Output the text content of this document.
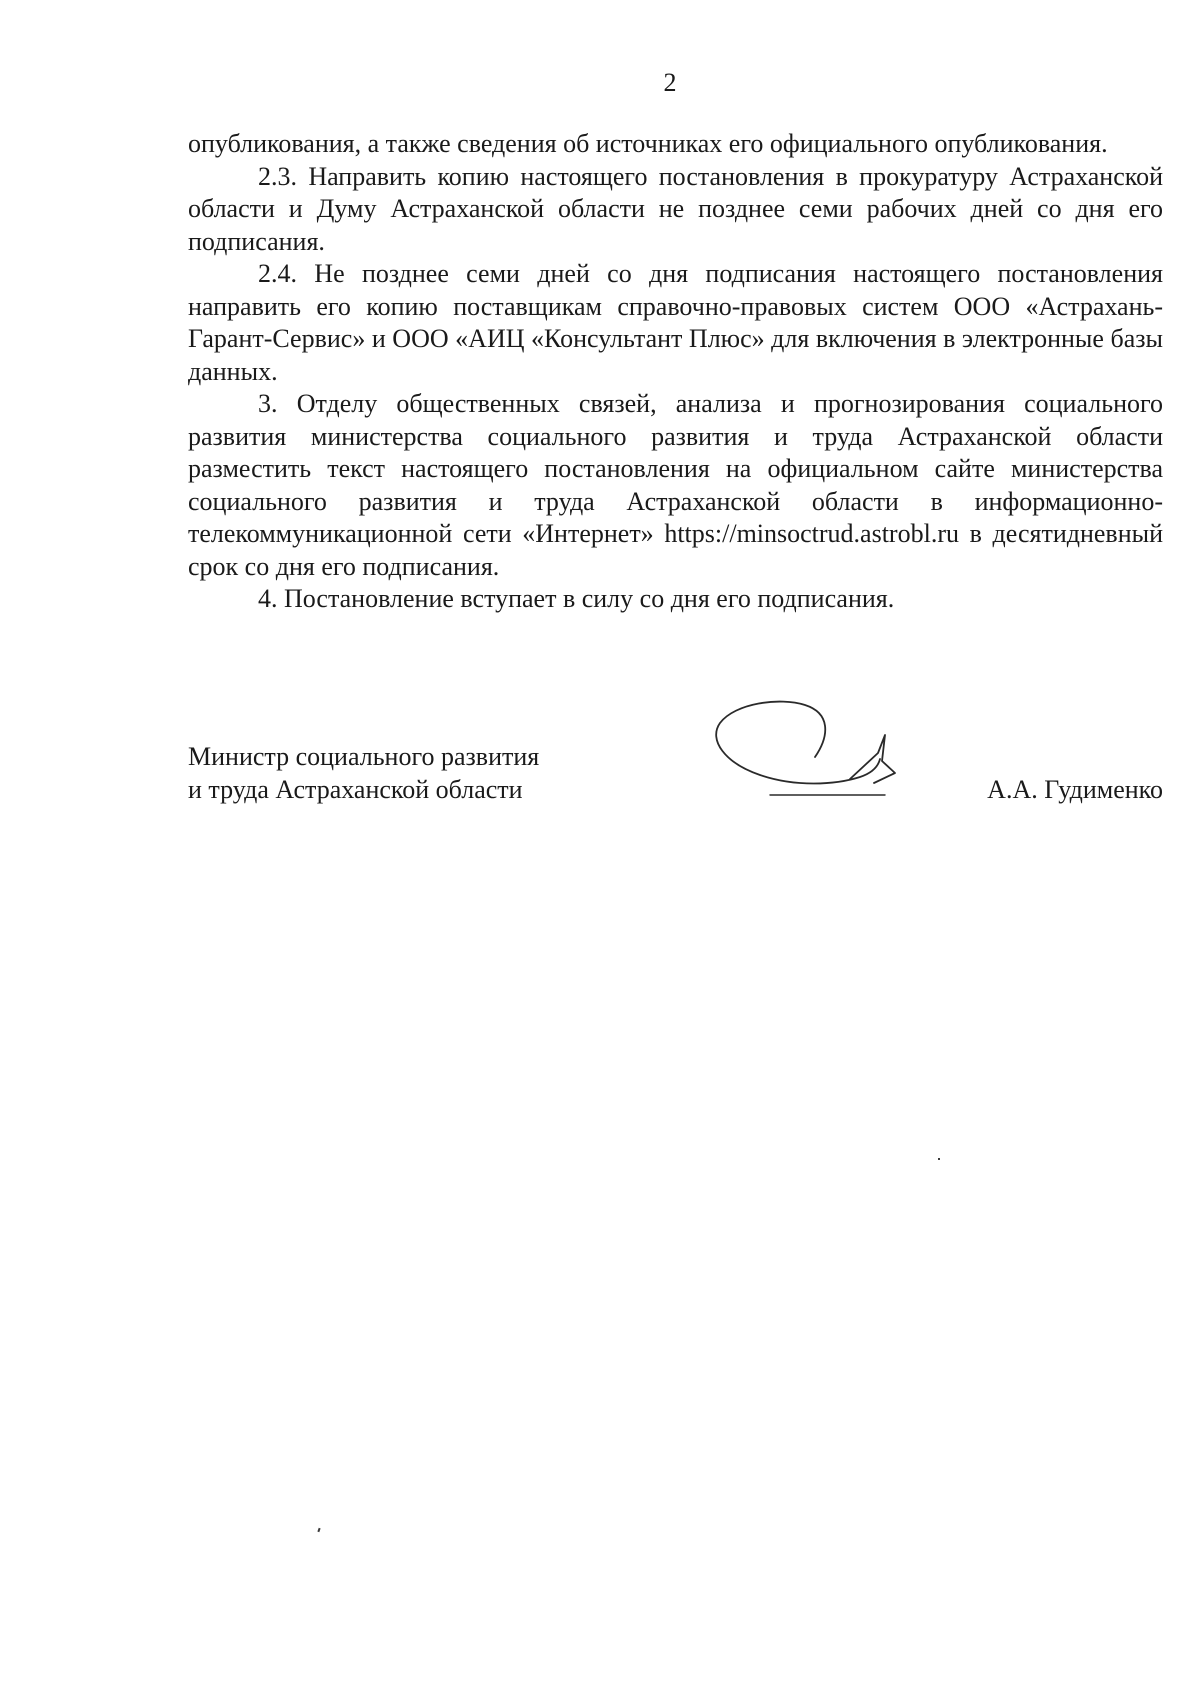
2

опубликования, а также сведения об источниках его официального опубликования.

2.3. Направить копию настоящего постановления в прокуратуру Астраханской области и Думу Астраханской области не позднее семи рабочих дней со дня его подписания.

2.4. Не позднее семи дней со дня подписания настоящего постановления направить его копию поставщикам справочно-правовых систем ООО «Астрахань-Гарант-Сервис» и ООО «АИЦ «Консультант Плюс» для включения в электронные базы данных.

3. Отделу общественных связей, анализа и прогнозирования социального развития министерства социального развития и труда Астраханской области разместить текст настоящего постановления на официальном сайте министерства социального развития и труда Астраханской области в информационно-телекоммуникационной сети «Интернет» https://minsoctrud.astrobl.ru в десятидневный срок со дня его подписания.

4. Постановление вступает в силу со дня его подписания.

Министр социального развития
и труда Астраханской области	А.А. Гудименко
